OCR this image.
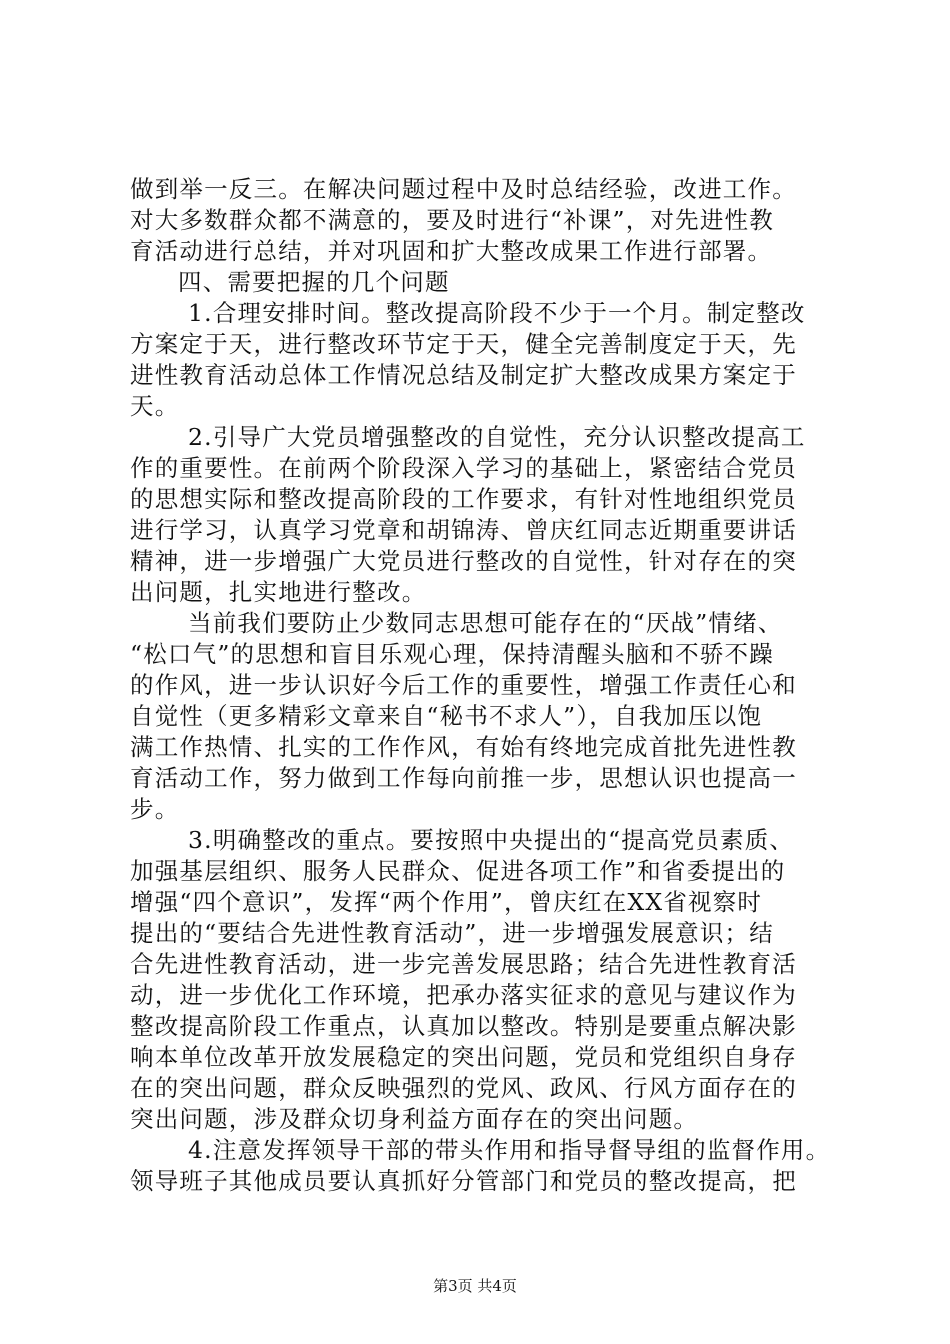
做到举一反三。在解决问题过程中及时总结经验，改进工作。
对大多数群众都不满意的，要及时进行“补课”，对先进性教
育活动进行总结，并对巩固和扩大整改成果工作进行部署。
四、需要把握的几个问题
1.合理安排时间。整改提高阶段不少于一个月。制定整改
方案定于天，进行整改环节定于天，健全完善制度定于天，先
进性教育活动总体工作情况总结及制定扩大整改成果方案定于
天。
2.引导广大党员增强整改的自觉性，充分认识整改提高工
作的重要性。在前两个阶段深入学习的基础上，紧密结合党员
的思想实际和整改提高阶段的工作要求，有针对性地组织党员
进行学习，认真学习党章和胡锦涛、曾庆红同志近期重要讲话
精神，进一步增强广大党员进行整改的自觉性，针对存在的突
出问题，扎实地进行整改。
当前我们要防止少数同志思想可能存在的“厌战”情绪、
“松口气”的思想和盲目乐观心理，保持清醒头脑和不骄不躁
的作风，进一步认识好今后工作的重要性，增强工作责任心和
自觉性（更多精彩文章来自“秘书不求人”），自我加压以饱
满工作热情、扎实的工作作风，有始有终地完成首批先进性教
育活动工作，努力做到工作每向前推一步，思想认识也提高一
步。
3.明确整改的重点。要按照中央提出的“提高党员素质、
加强基层组织、服务人民群众、促进各项工作”和省委提出的
增强“四个意识”，发挥“两个作用”，曾庆红在XX省视察时
提出的“要结合先进性教育活动”，进一步增强发展意识；结
合先进性教育活动，进一步完善发展思路；结合先进性教育活
动，进一步优化工作环境，把承办落实征求的意见与建议作为
整改提高阶段工作重点，认真加以整改。特别是要重点解决影
响本单位改革开放发展稳定的突出问题，党员和党组织自身存
在的突出问题，群众反映强烈的党风、政风、行风方面存在的
突出问题，涉及群众切身利益方面存在的突出问题。
4.注意发挥领导干部的带头作用和指导督导组的监督作用。
领导班子其他成员要认真抓好分管部门和党员的整改提高，把
第3页 共4页
